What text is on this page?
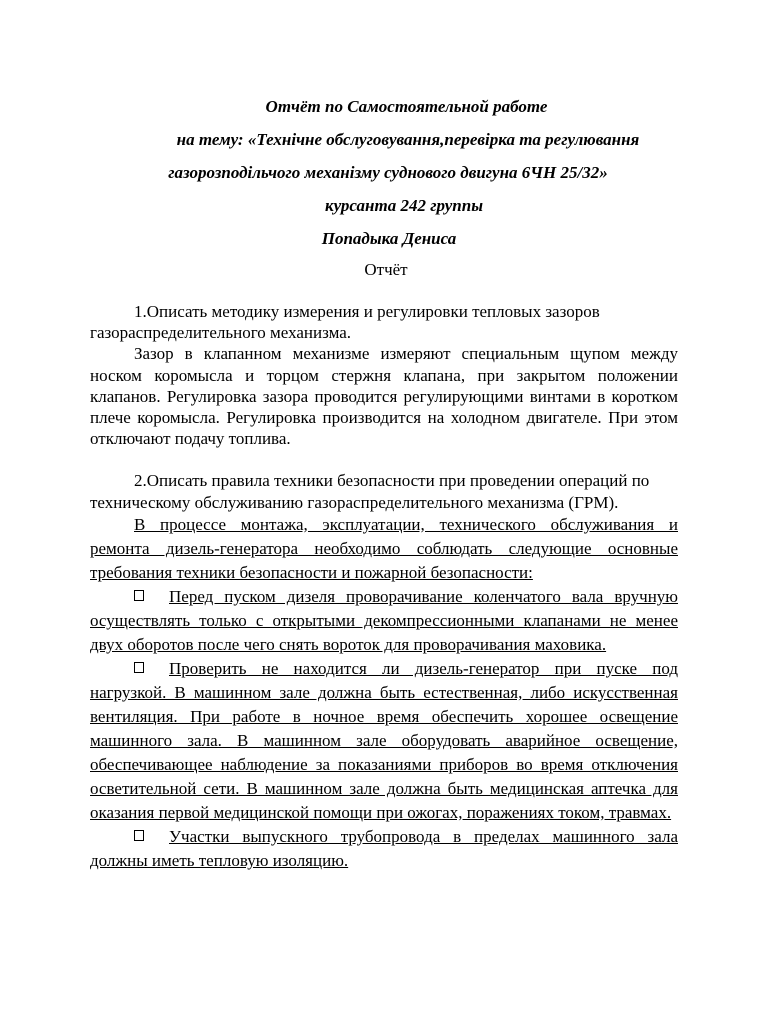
Отчёт по Самостоятельной работе
на тему: «Технічне обслуговування,перевірка та регулювання
газорозподільчого механізму суднового двигуна 6ЧН 25/32»
курсанта 242 группы
Попадыка Дениса
Отчёт

1.Описать методику измерения и регулировки тепловых зазоров газораспределительного механизма.

Зазор в клапанном механизме измеряют специальным щупом между носком коромысла и торцом стержня клапана, при закрытом положении клапанов. Регулировка зазора проводится регулирующими винтами в коротком плече коромысла. Регулировка производится на холодном двигателе. При этом отключают подачу топлива.

2.Описать правила техники безопасности при проведении операций по техническому обслуживанию газораспределительного механизма (ГРМ).

В процессе монтажа, эксплуатации, технического обслуживания и ремонта дизель-генератора необходимо соблюдать следующие основные требования техники безопасности и пожарной безопасности:

Перед пуском дизеля проворачивание коленчатого вала вручную осуществлять только с открытыми декомпрессионными клапанами не менее двух оборотов после чего снять вороток для проворачивания маховика.

Проверить не находится ли дизель-генератор при пуске под нагрузкой. В машинном зале должна быть естественная, либо искусственная вентиляция. При работе в ночное время обеспечить хорошее освещение машинного зала. В машинном зале оборудовать аварийное освещение, обеспечивающее наблюдение за показаниями приборов во время отключения осветительной сети. В машинном зале должна быть медицинская аптечка для оказания первой медицинской помощи при ожогах, поражениях током, травмах.

Участки выпускного трубопровода в пределах машинного зала должны иметь тепловую изоляцию.
